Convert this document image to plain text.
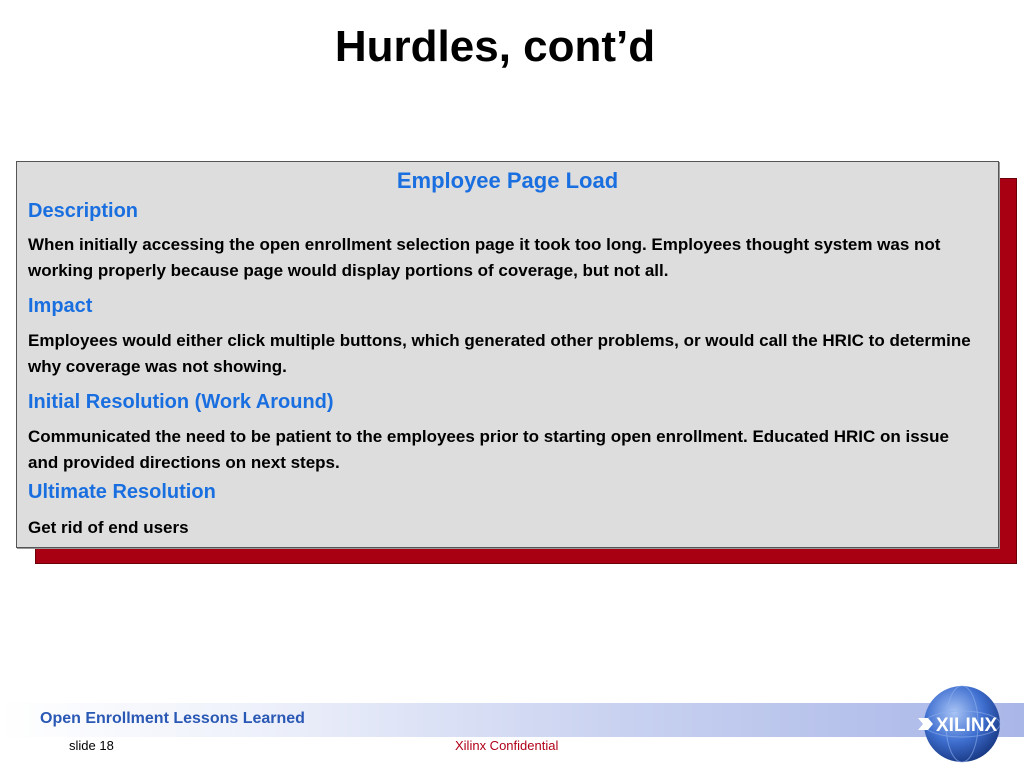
Hurdles, cont’d
Employee Page Load
Description
When initially accessing the open enrollment selection page it took too long. Employees thought system was not working properly because page would display portions of coverage, but not all.
Impact
Employees would either click multiple buttons, which generated other problems, or would call the HRIC to determine why coverage was not showing.
Initial Resolution (Work Around)
Communicated the need to be patient to the employees prior to starting open enrollment. Educated HRIC on issue and provided directions on next steps.
Ultimate Resolution
Get rid of end users
Open Enrollment Lessons Learned
slide 18	Xilinx Confidential
XILINX
